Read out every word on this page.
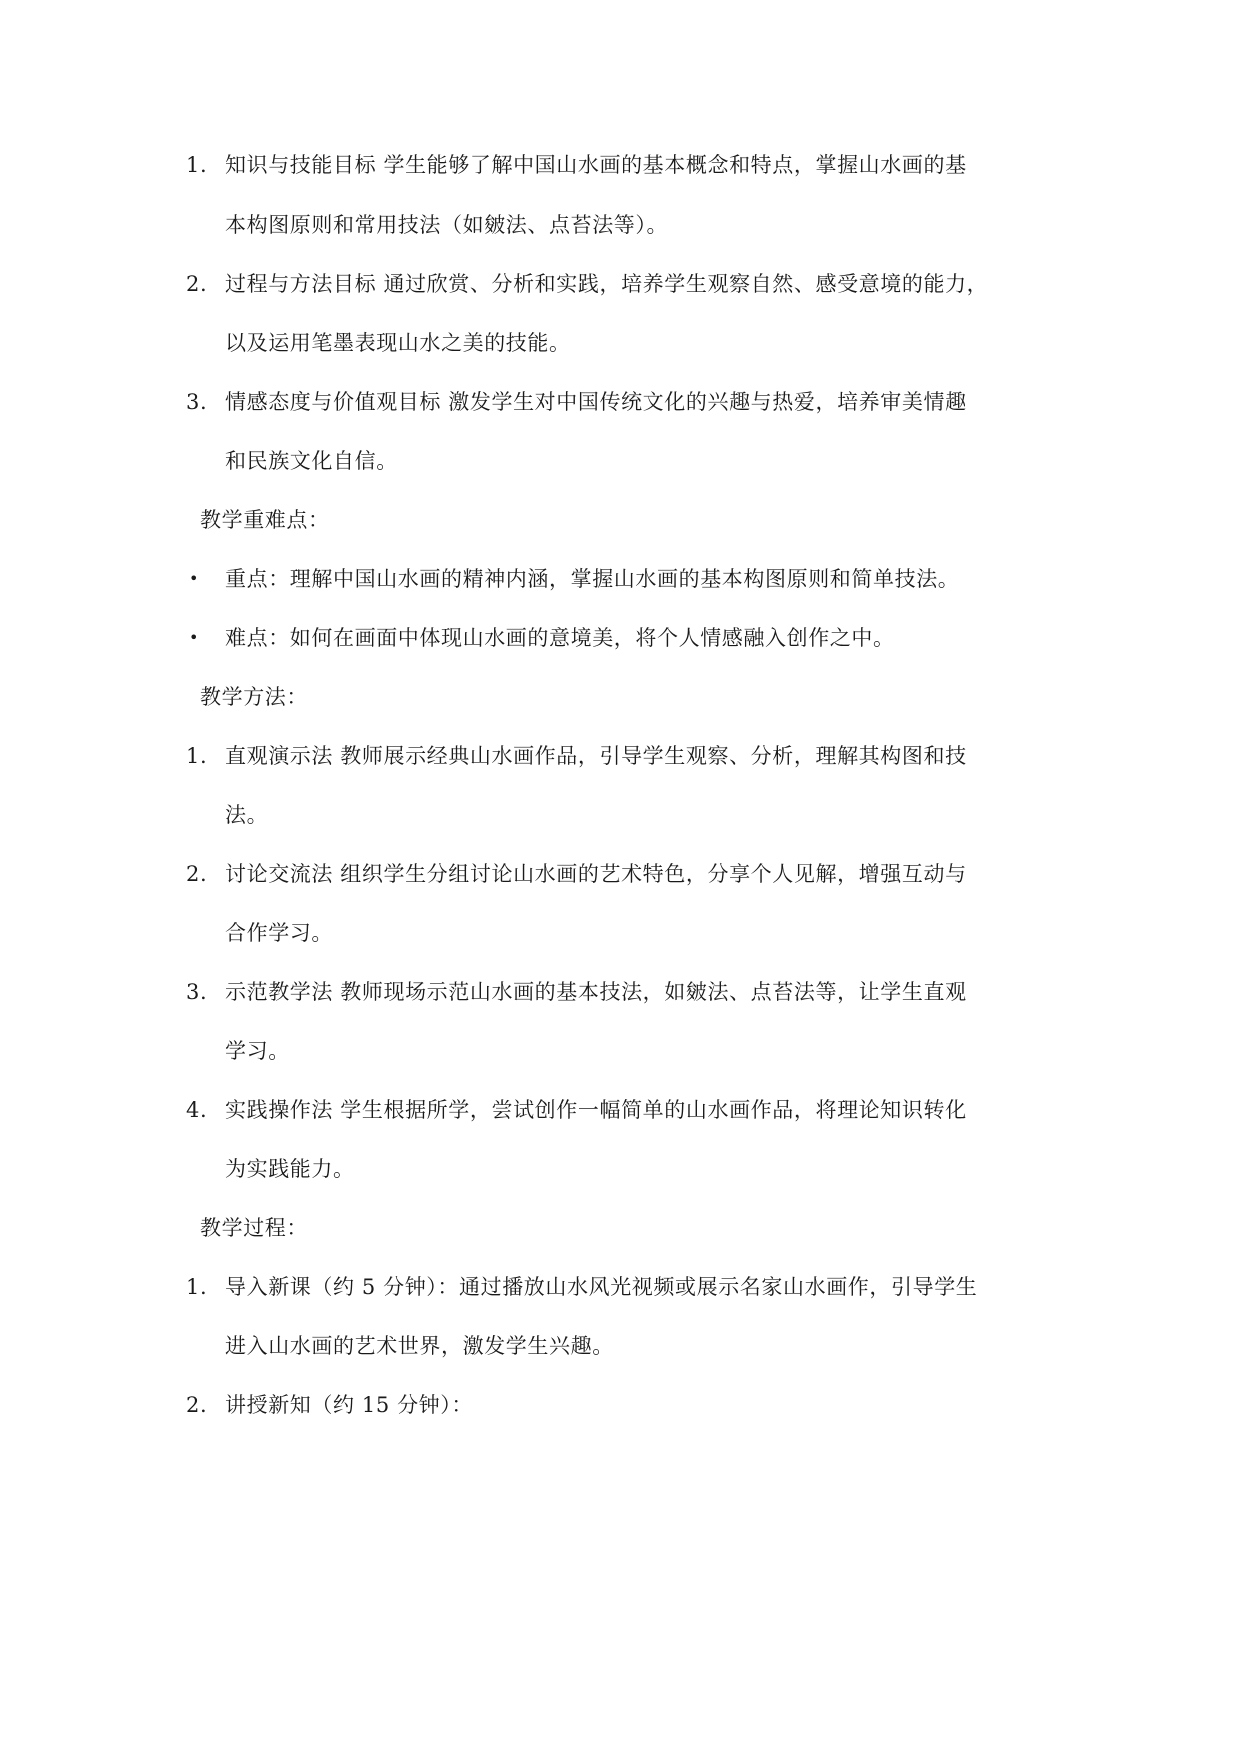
1. 知识与技能目标 学生能够了解中国山水画的基本概念和特点，掌握山水画的基
本构图原则和常用技法（如皴法、点苔法等）。
2. 过程与方法目标 通过欣赏、分析和实践，培养学生观察自然、感受意境的能力，
以及运用笔墨表现山水之美的技能。
3. 情感态度与价值观目标 激发学生对中国传统文化的兴趣与热爱，培养审美情趣
和民族文化自信。
教学重难点：
• 重点：理解中国山水画的精神内涵，掌握山水画的基本构图原则和简单技法。
• 难点：如何在画面中体现山水画的意境美，将个人情感融入创作之中。
教学方法：
1. 直观演示法 教师展示经典山水画作品，引导学生观察、分析，理解其构图和技
法。
2. 讨论交流法 组织学生分组讨论山水画的艺术特色，分享个人见解，增强互动与
合作学习。
3. 示范教学法 教师现场示范山水画的基本技法，如皴法、点苔法等，让学生直观
学习。
4. 实践操作法 学生根据所学，尝试创作一幅简单的山水画作品，将理论知识转化
为实践能力。
教学过程：
1. 导入新课（约 5 分钟）：通过播放山水风光视频或展示名家山水画作，引导学生
进入山水画的艺术世界，激发学生兴趣。
2. 讲授新知（约 15 分钟）：
